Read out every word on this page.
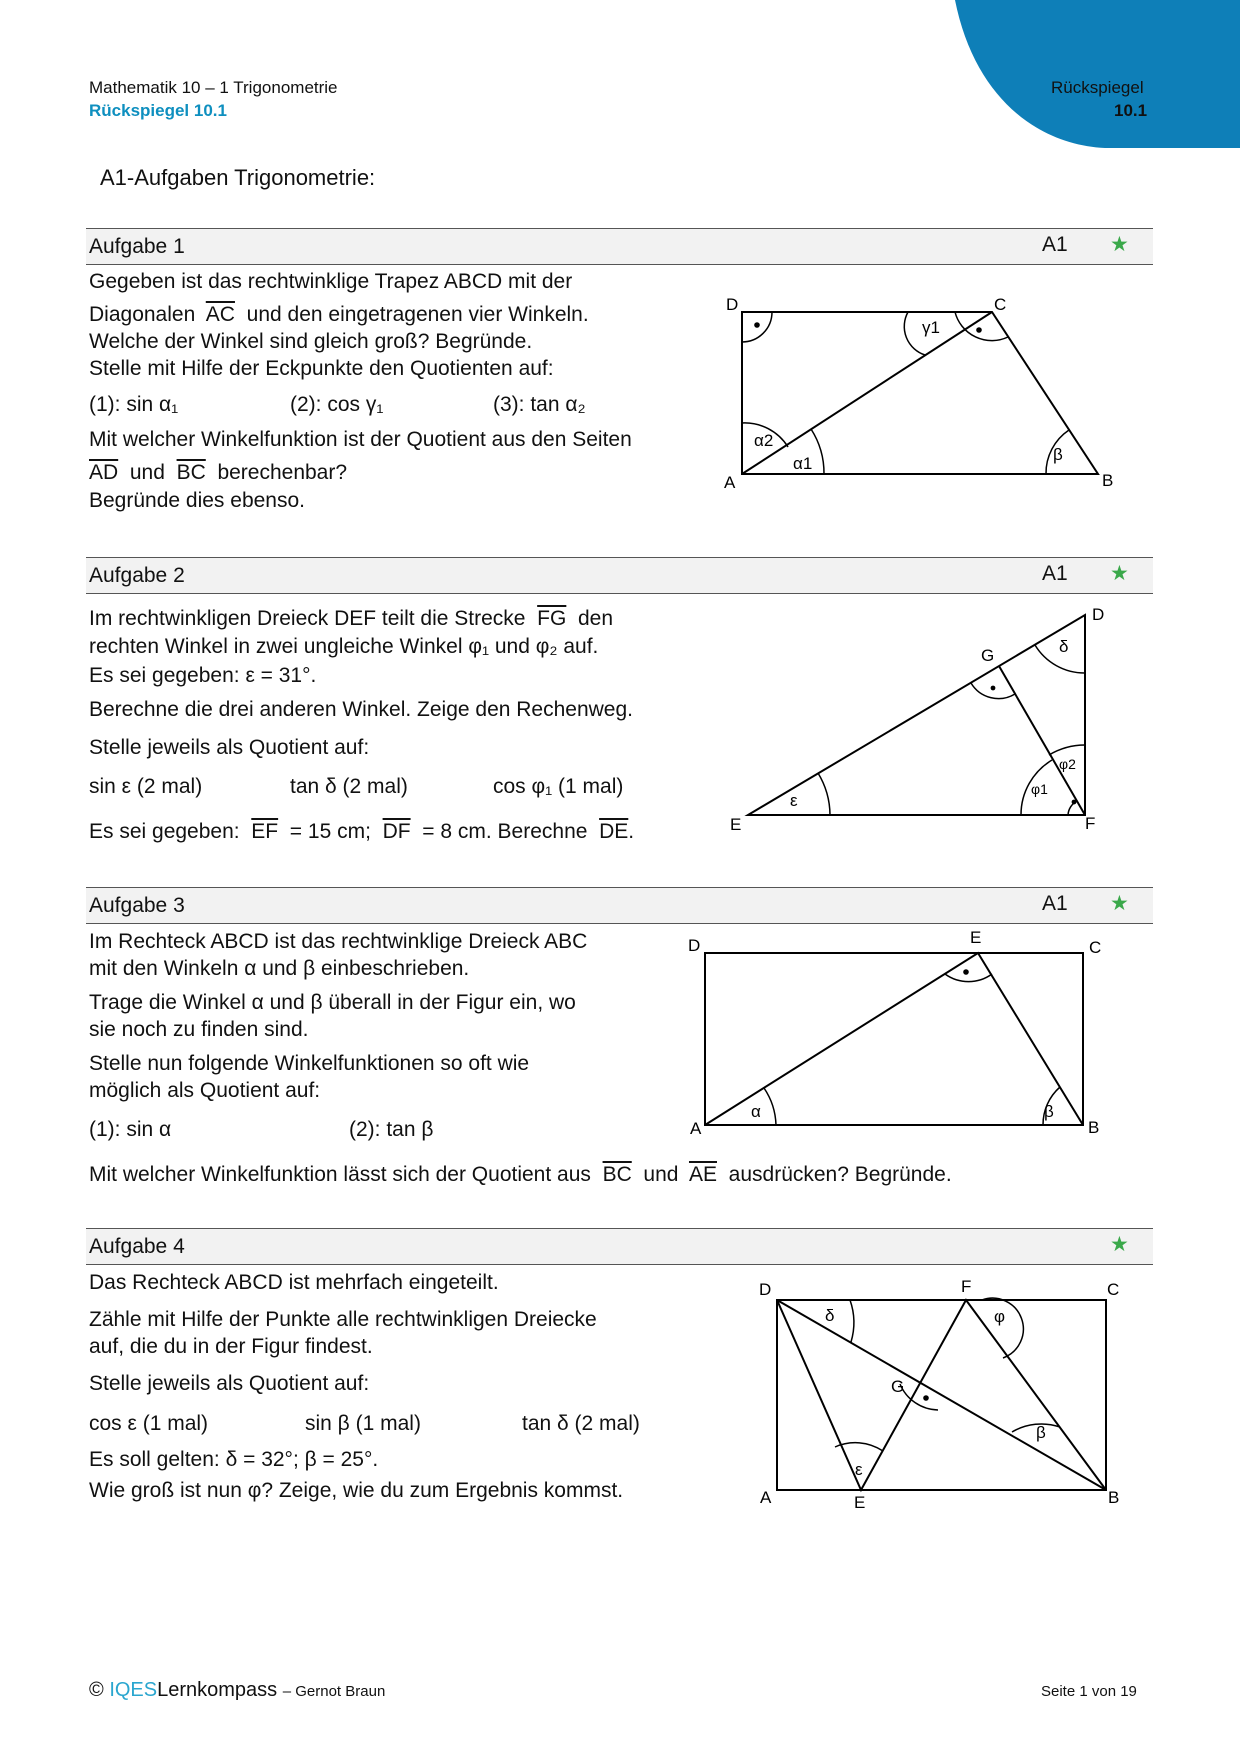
Mathematik 10 – 1 Trigonometrie
Rückspiegel 10.1
Rückspiegel
10.1
A1-Aufgaben Trigonometrie:
Aufgabe 1	A1 ★
Gegeben ist das rechtwinklige Trapez ABCD mit der
Diagonalen $\overline{AC}$ und den eingetragenen vier Winkeln.
Welche der Winkel sind gleich groß? Begründe.
Stelle mit Hilfe der Eckpunkte den Quotienten auf:
(1): sin α₁	(2): cos γ₁	(3): tan α₂
Mit welcher Winkelfunktion ist der Quotient aus den Seiten
$\overline{AD}$ und $\overline{BC}$ berechenbar?
Begründe dies ebenso.
Aufgabe 2	A1 ★
Im rechtwinkligen Dreieck DEF teilt die Strecke $\overline{FG}$ den
rechten Winkel in zwei ungleiche Winkel φ₁ und φ₂ auf.
Es sei gegeben: ε = 31°.
Berechne die drei anderen Winkel. Zeige den Rechenweg.
Stelle jeweils als Quotient auf:
sin ε (2 mal)	tan δ (2 mal)	cos φ₁ (1 mal)
Es sei gegeben: $\overline{EF} = 15$ cm; $\overline{DF} = 8$ cm. Berechne $\overline{DE}$.
Aufgabe 3	A1 ★
Im Rechteck ABCD ist das rechtwinklige Dreieck ABC
mit den Winkeln α und β einbeschrieben.
Trage die Winkel α und β überall in der Figur ein, wo
sie noch zu finden sind.
Stelle nun folgende Winkelfunktionen so oft wie
möglich als Quotient auf:
(1): sin α	(2): tan β
Mit welcher Winkelfunktion lässt sich der Quotient aus $\overline{BC}$ und $\overline{AE}$ ausdrücken? Begründe.
Aufgabe 4	★
Das Rechteck ABCD ist mehrfach eingeteilt.
Zähle mit Hilfe der Punkte alle rechtwinkligen Dreiecke
auf, die du in der Figur findest.
Stelle jeweils als Quotient auf:
cos ε (1 mal)	sin β (1 mal)	tan δ (2 mal)
Es soll gelten: δ = 32°; β = 25°.
Wie groß ist nun φ? Zeige, wie du zum Ergebnis kommst.
D	C
A	B
γ1
α2
α1	β
D
G
E	F
δ
φ2
φ1
ε
D	E
C
A	B
α	β
D	F	C
G
A	E	B
δ	φ
β
ε
© IQESLernkompass – Gernot Braun	Seite 1 von 19
